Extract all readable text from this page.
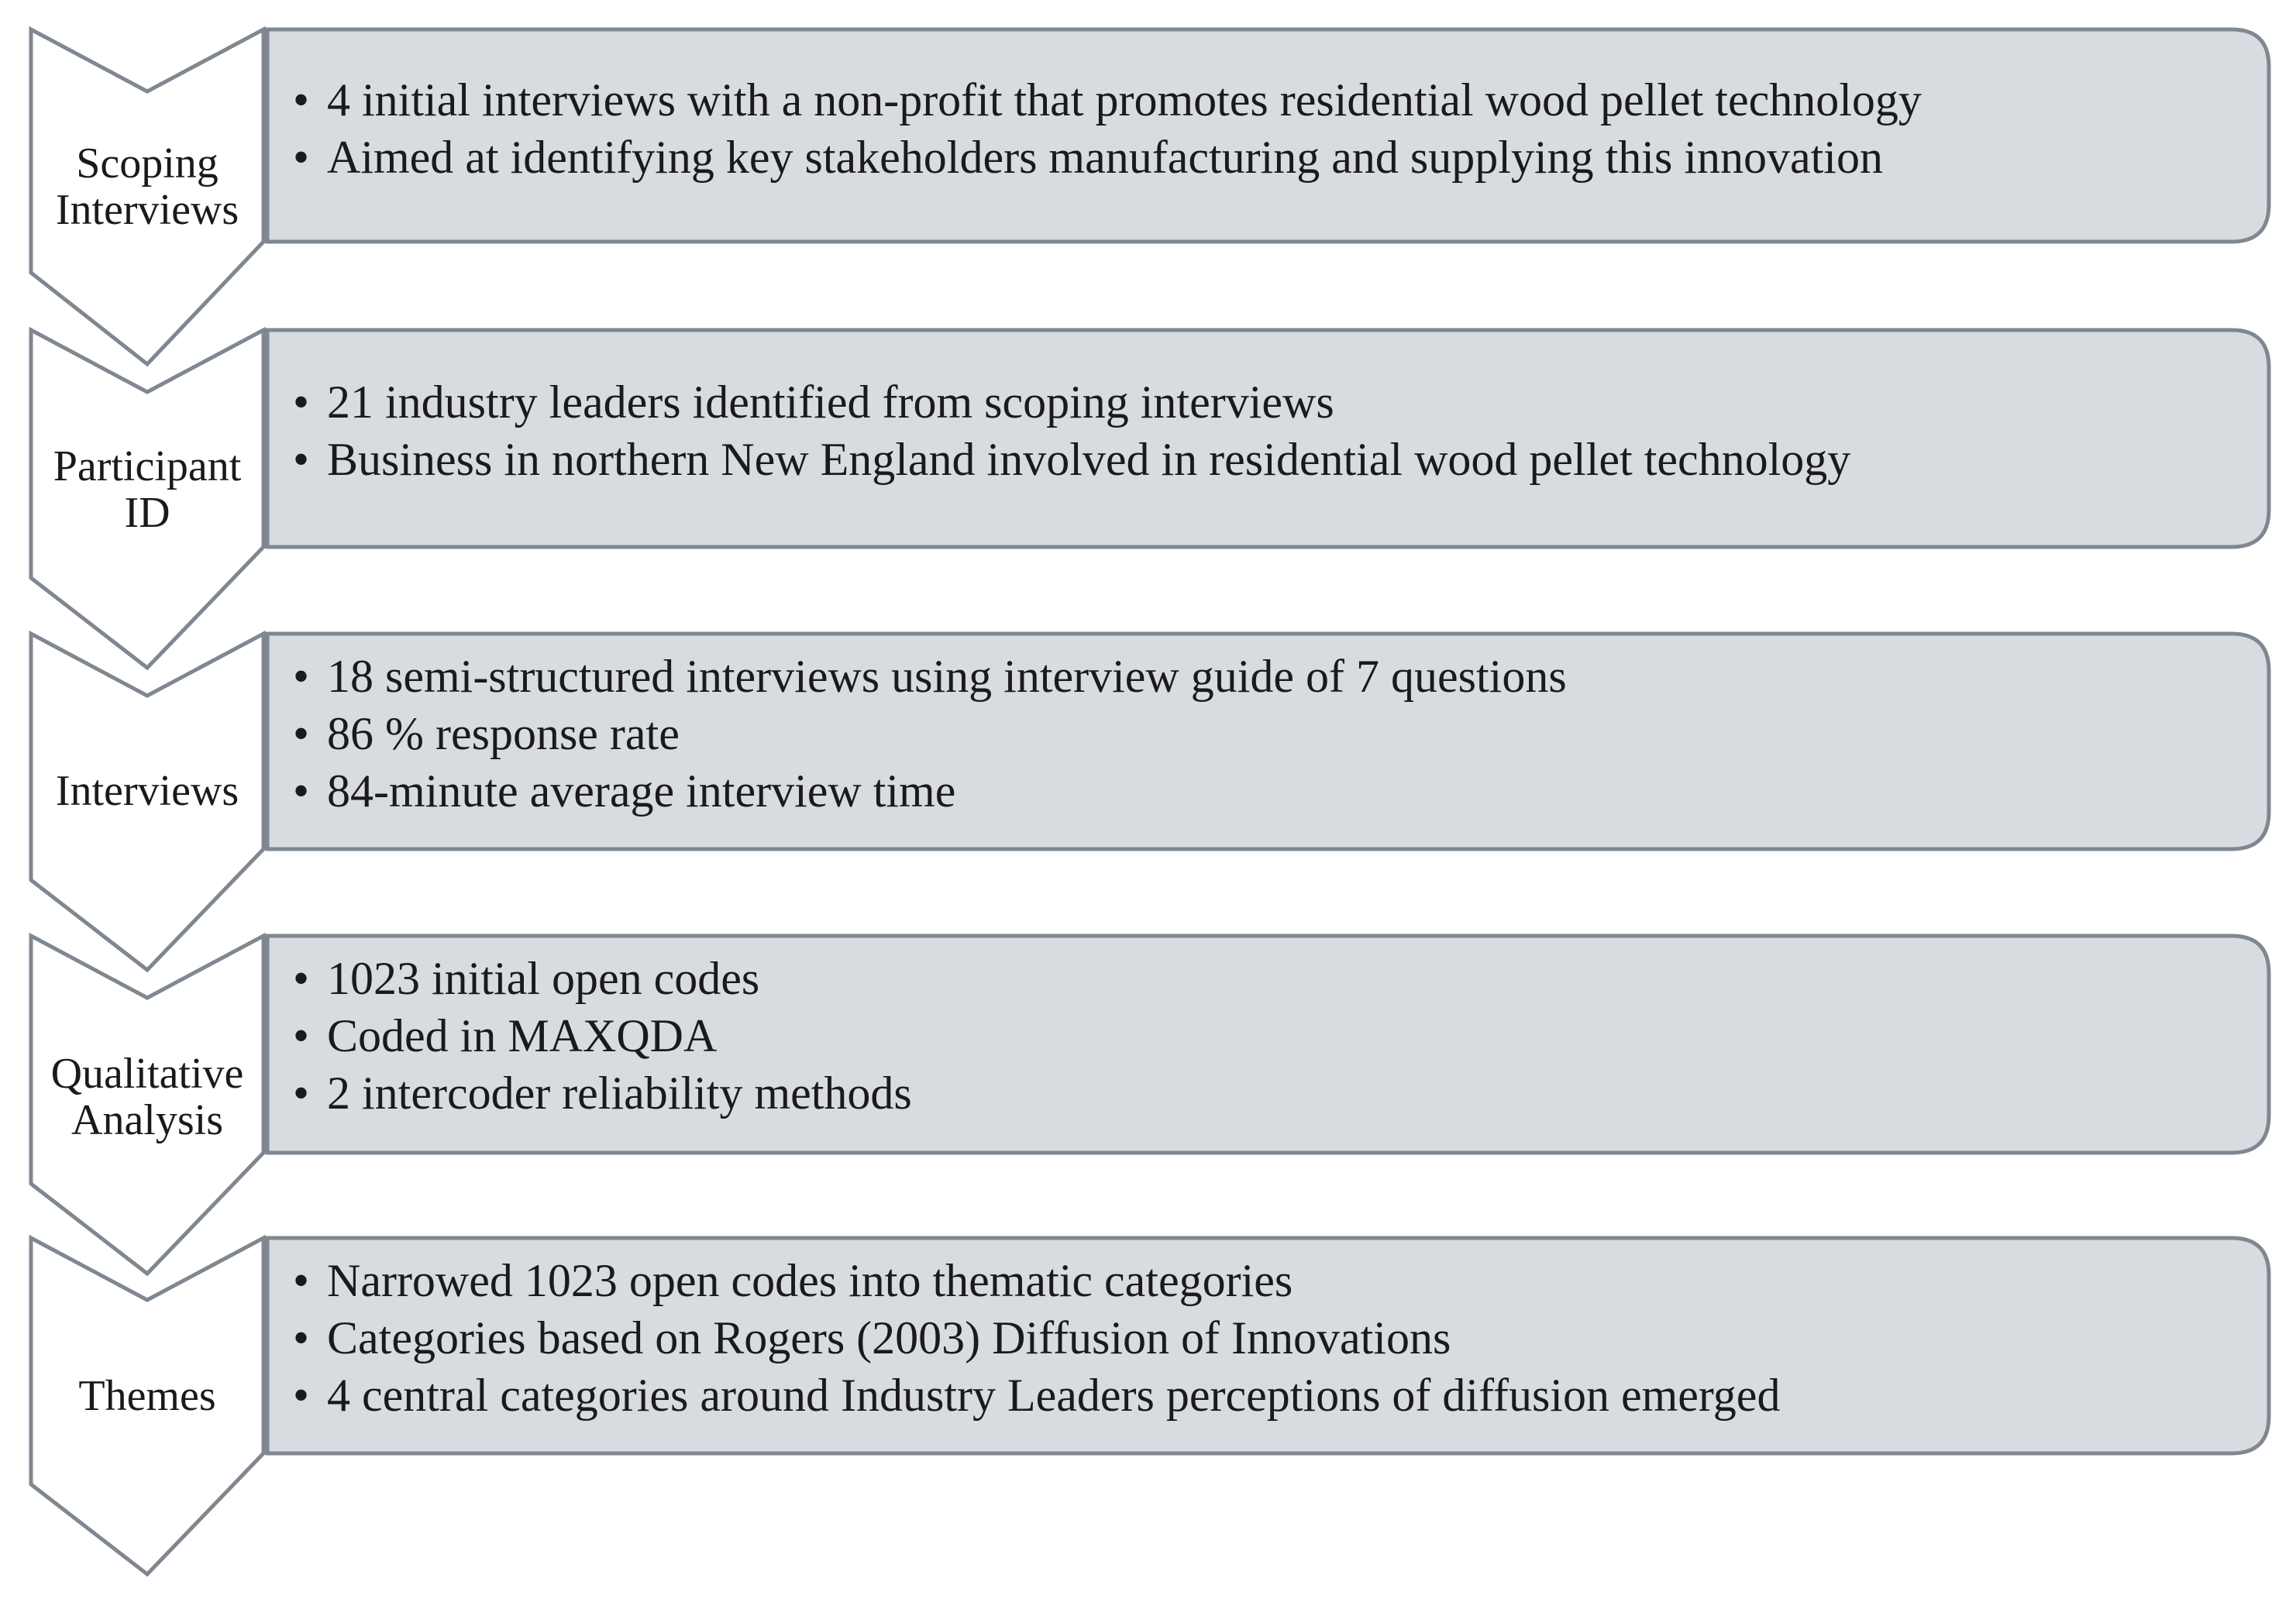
Scoping
Interviews
• 4 initial interviews with a non-profit that promotes residential wood pellet technology
• Aimed at identifying key stakeholders manufacturing and supplying this innovation
Participant
ID
• 21 industry leaders identified from scoping interviews
• Business in northern New England involved in residential wood pellet technology
Interviews
• 18 semi-structured interviews using interview guide of 7 questions
• 86 % response rate
• 84-minute average interview time
Qualitative
Analysis
• 1023 initial open codes
• Coded in MAXQDA
• 2 intercoder reliability methods
Themes
• Narrowed 1023 open codes into thematic categories
• Categories based on Rogers (2003) Diffusion of Innovations
• 4 central categories around Industry Leaders perceptions of diffusion emerged
